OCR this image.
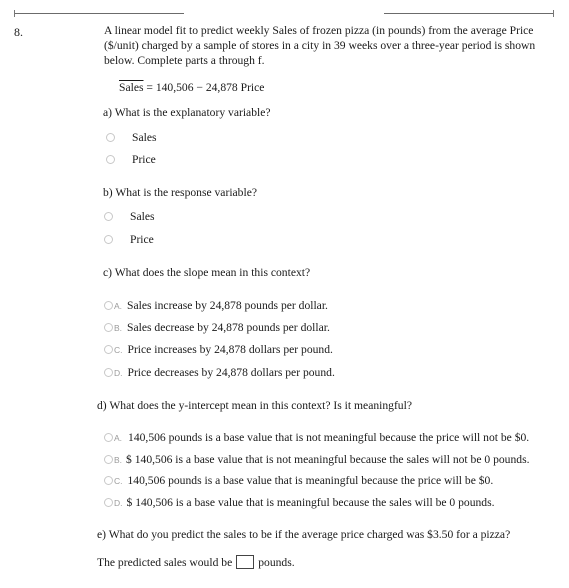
8.	A linear model fit to predict weekly Sales of frozen pizza (in pounds) from the average Price ($/unit) charged by a sample of stores in a city in 39 weeks over a three-year period is shown below. Complete parts a through f.
Sales = 140,506 − 24,878 Price
a) What is the explanatory variable?
Sales
Price
b) What is the response variable?
Sales
Price
c) What does the slope mean in this context?
A. Sales increase by 24,878 pounds per dollar.
B. Sales decrease by 24,878 pounds per dollar.
C. Price increases by 24,878 dollars per pound.
D. Price decreases by 24,878 dollars per pound.
d) What does the y-intercept mean in this context? Is it meaningful?
A. 140,506 pounds is a base value that is not meaningful because the price will not be $0.
B. $ 140,506 is a base value that is not meaningful because the sales will not be 0 pounds.
C. 140,506 pounds is a base value that is meaningful because the price will be $0.
D. $ 140,506 is a base value that is meaningful because the sales will be 0 pounds.
e) What do you predict the sales to be if the average price charged was $3.50 for a pizza?
The predicted sales would be pounds.
